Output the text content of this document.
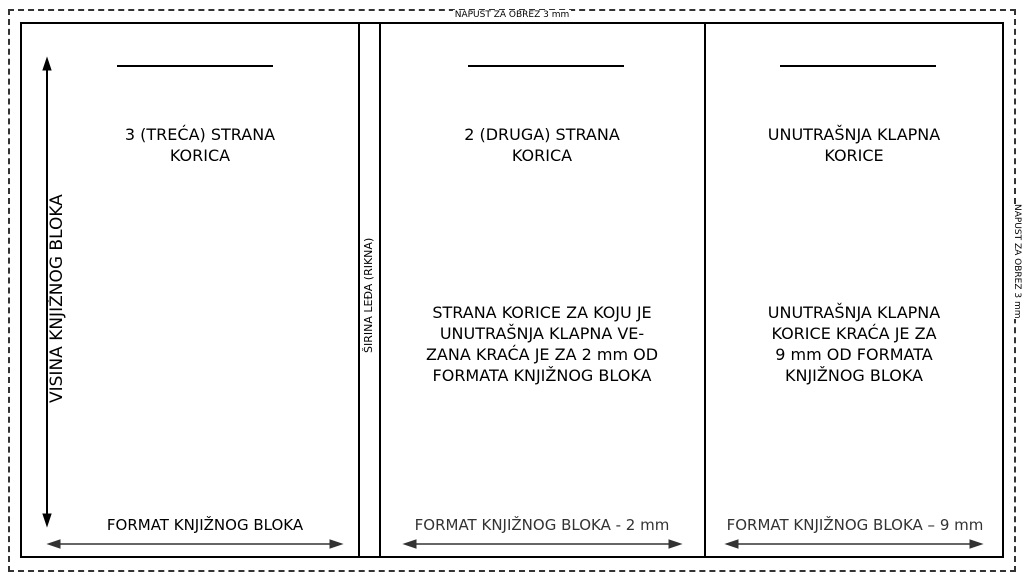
NAPUST ZA OBREZ 3 mm
NAPUST ZA OBREZ 3 mm
3 (TREĆA) STRANA
KORICA
2 (DRUGA) STRANA
KORICA
UNUTRAŠNJA KLAPNA
KORICE
STRANA KORICE ZA KOJU JE
UNUTRAŠNJA KLAPNA VE-
ZANA KRAĆA JE ZA 2 mm OD
FORMATA KNJIŽNOG BLOKA
UNUTRAŠNJA KLAPNA
KORICE KRAĆA JE ZA
9 mm OD FORMATA
KNJIŽNOG BLOKA
FORMAT KNJIŽNOG BLOKA	FORMAT KNJIŽNOG BLOKA - 2 mm	FORMAT KNJIŽNOG BLOKA – 9 mm
VISINA KNJIŽNOG BLOKA	ŠIRINA LEĐA (RIKNA)
